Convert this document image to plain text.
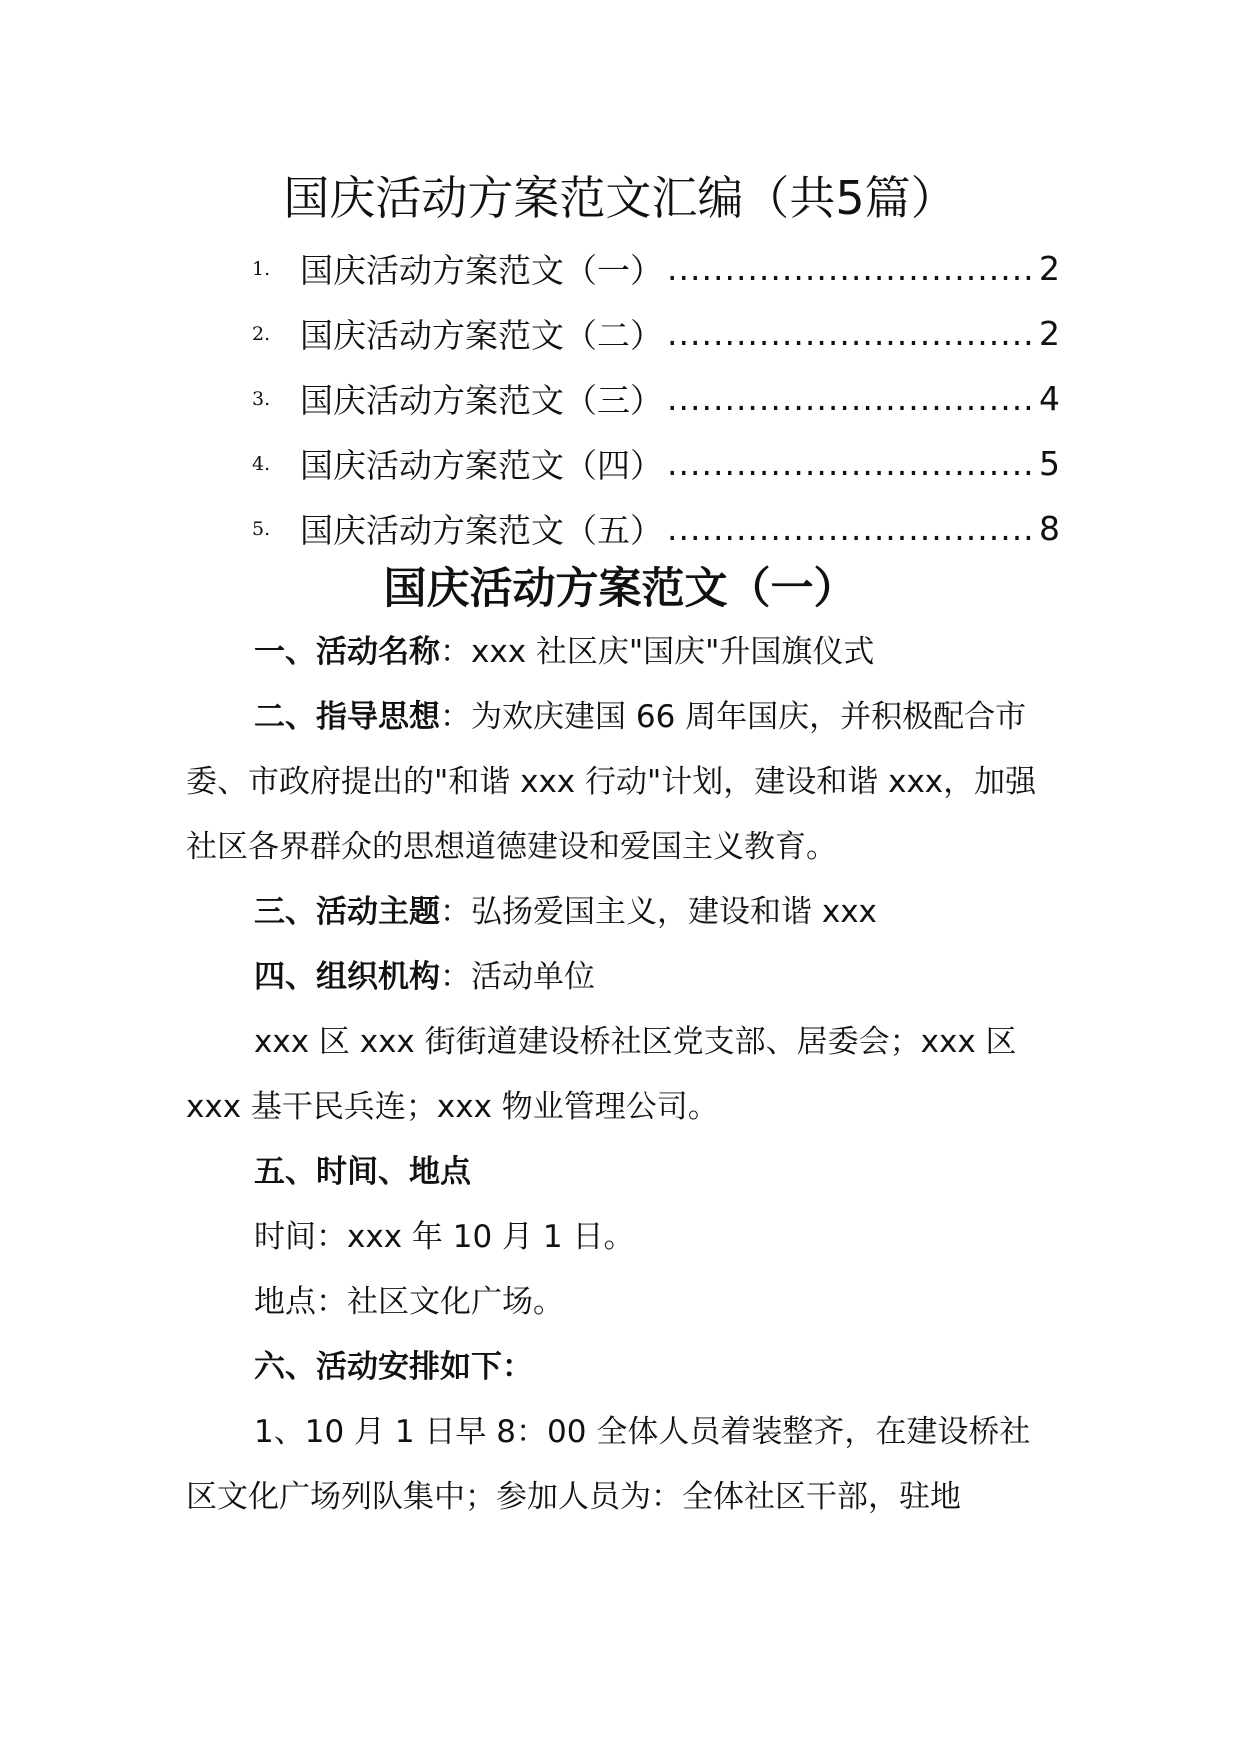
国庆活动方案范文汇编（共5篇）
1. 国庆活动方案范文（一） .....	2
2. 国庆活动方案范文（二） .....	2
3. 国庆活动方案范文（三） .....	4
4. 国庆活动方案范文（四） .....	5
5. 国庆活动方案范文（五） .....	8
国庆活动方案范文（一）

一、活动名称：xxx 社区庆"国庆"升国旗仪式

二、指导思想：为欢庆建国 66 周年国庆，并积极配合市委、市政府提出的"和谐 xxx 行动"计划，建设和谐 xxx，加强社区各界群众的思想道德建设和爱国主义教育。

三、活动主题：弘扬爱国主义，建设和谐 xxx

四、组织机构：活动单位

xxx 区 xxx 街街道建设桥社区党支部、居委会；xxx 区 xxx 基干民兵连；xxx 物业管理公司。

五、时间、地点

时间：xxx 年 10 月 1 日。

地点：社区文化广场。

六、活动安排如下：

1、10 月 1 日早 8：00 全体人员着装整齐，在建设桥社区文化广场列队集中；参加人员为：全体社区干部，驻地
